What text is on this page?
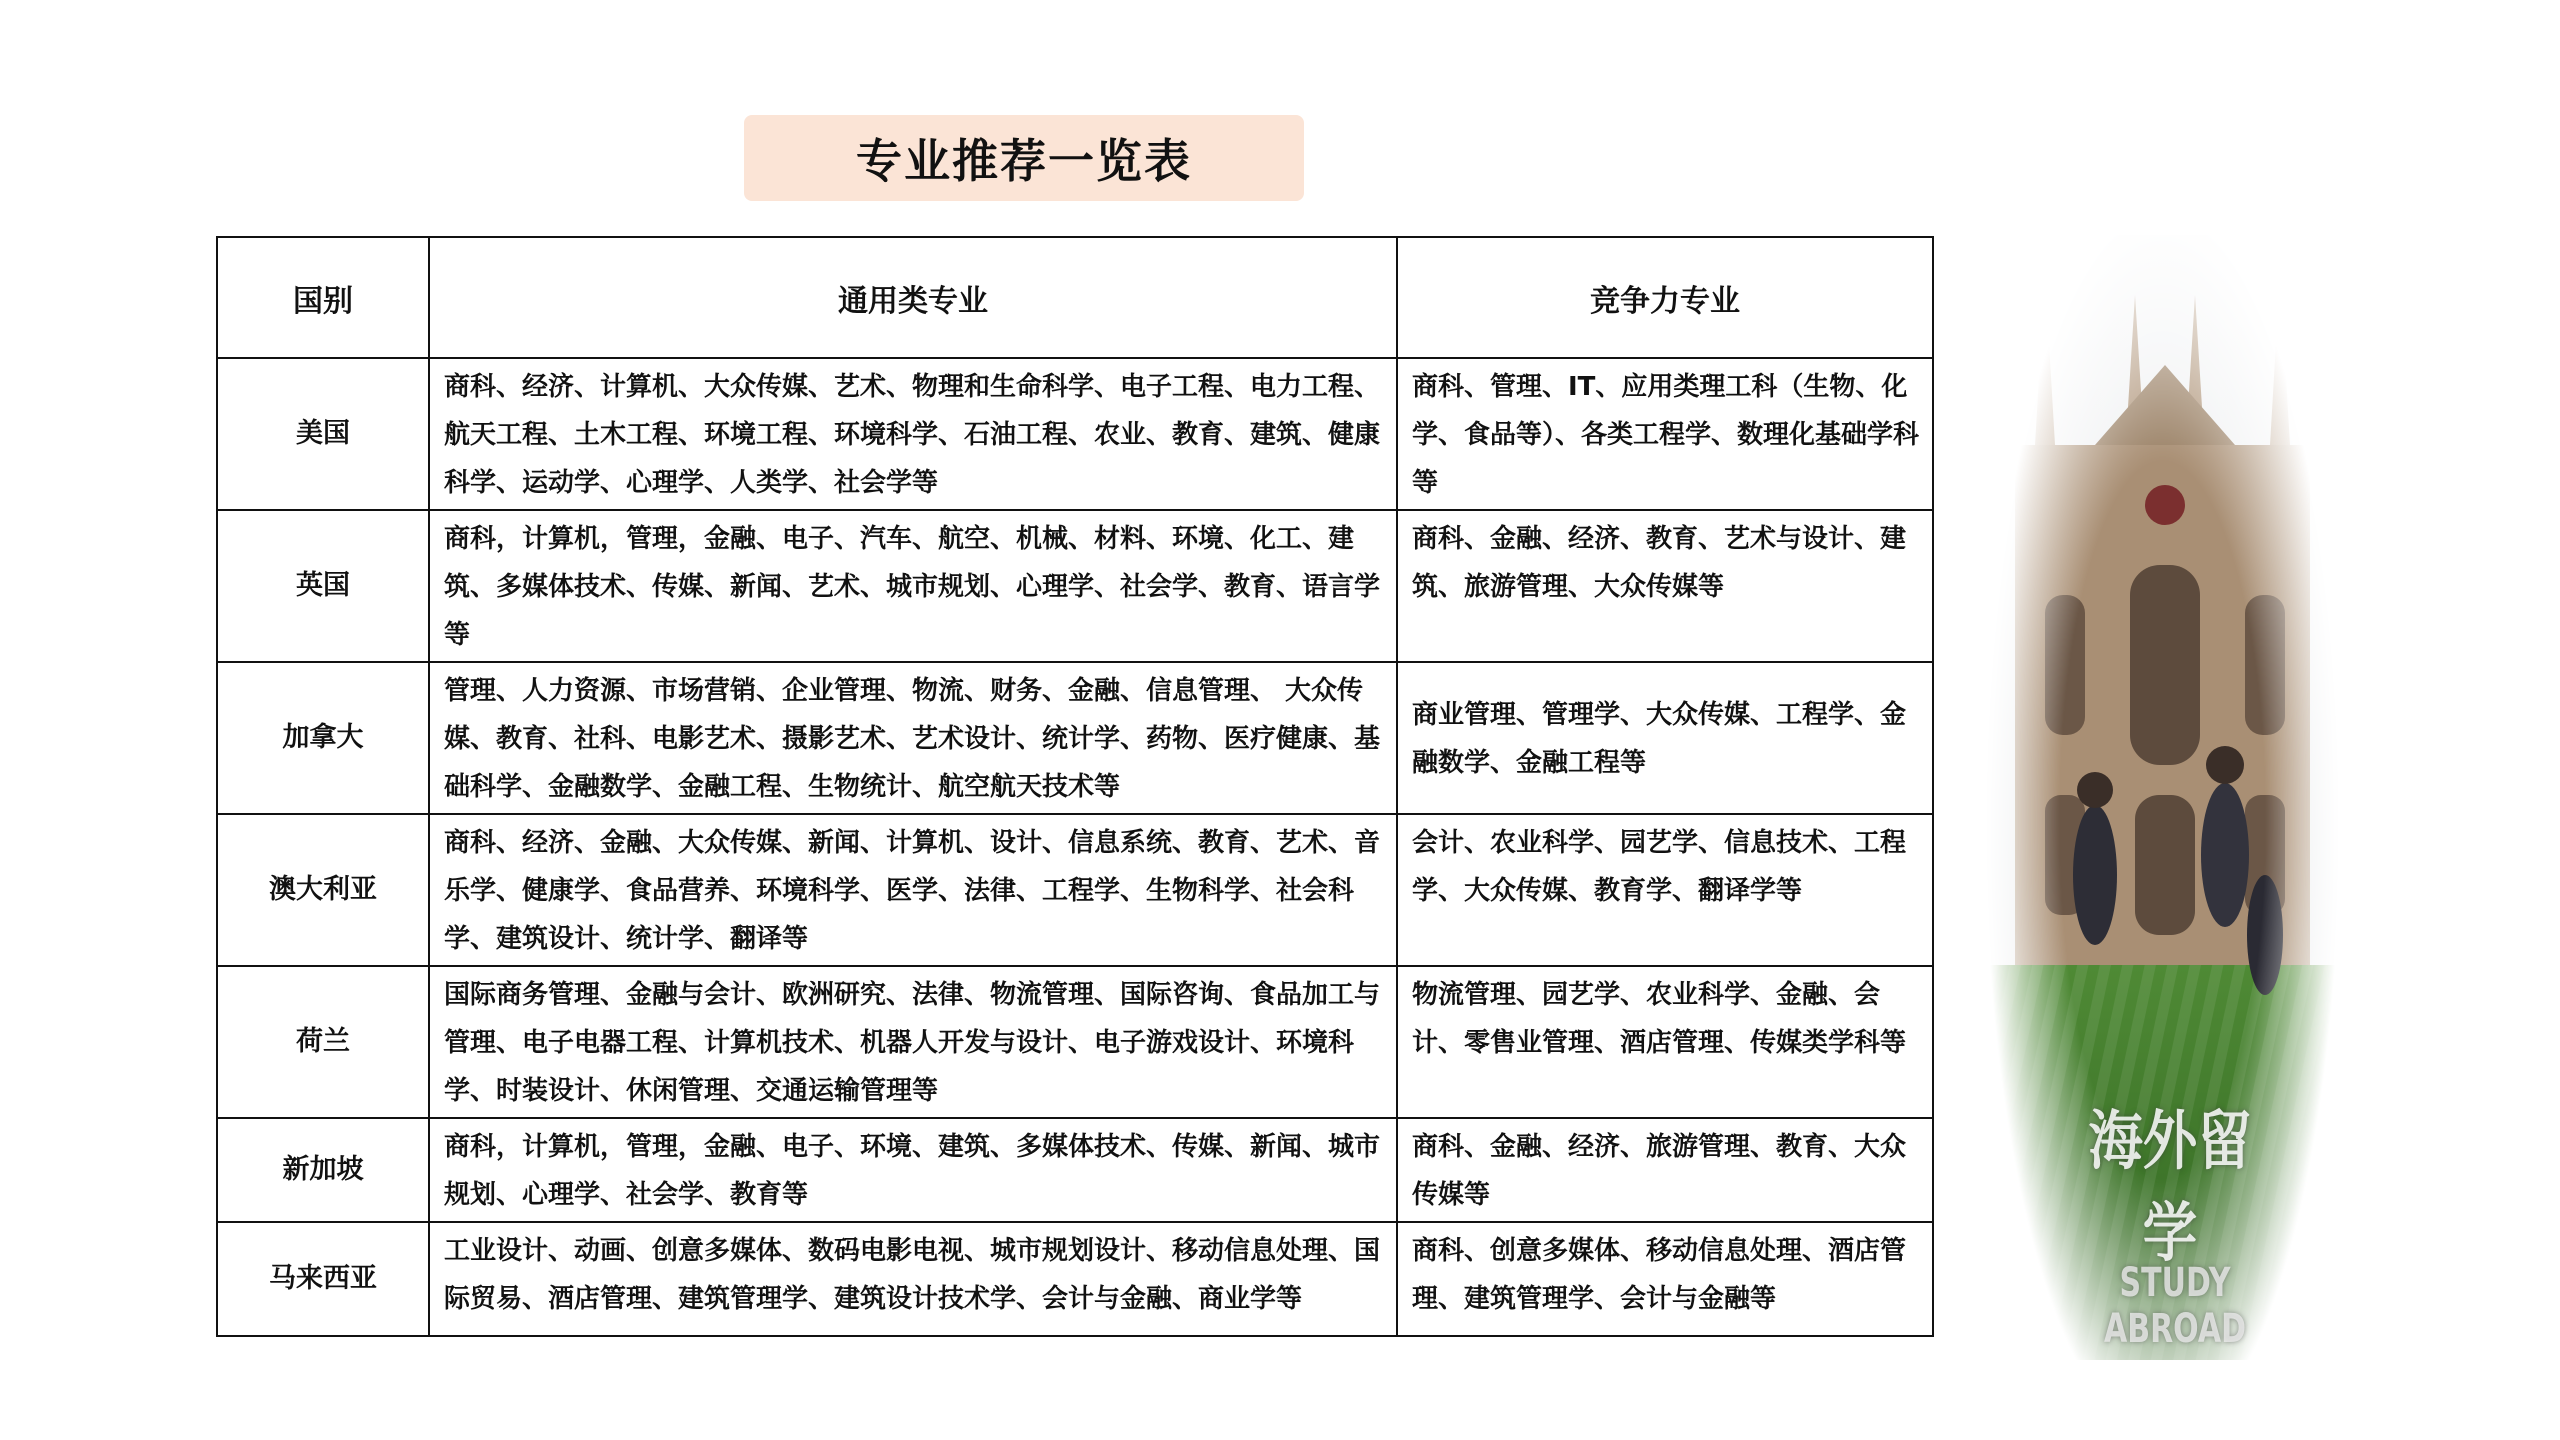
专业推荐一览表
国别	通用类专业	竞争力专业
美国	商科、经济、计算机、大众传媒、艺术、物理和生命科学、电子工程、电力工程、航天工程、土木工程、环境工程、环境科学、石油工程、农业、教育、建筑、健康科学、运动学、心理学、人类学、社会学等	商科、管理、IT、应用类理工科（生物、化学、食品等）、各类工程学、数理化基础学科等
英国	商科，计算机，管理，金融、电子、汽车、航空、机械、材料、环境、化工、建筑、多媒体技术、传媒、新闻、艺术、城市规划、心理学、社会学、教育、语言学等	商科、金融、经济、教育、艺术与设计、建筑、旅游管理、大众传媒等
加拿大	管理、人力资源、市场营销、企业管理、物流、财务、金融、信息管理、 大众传媒、教育、社科、电影艺术、摄影艺术、艺术设计、统计学、药物、医疗健康、基础科学、金融数学、金融工程、生物统计、航空航天技术等	商业管理、管理学、大众传媒、工程学、金融数学、金融工程等
澳大利亚	商科、经济、金融、大众传媒、新闻、计算机、设计、信息系统、教育、艺术、音乐学、健康学、食品营养、环境科学、医学、法律、工程学、生物科学、社会科学、建筑设计、统计学、翻译等	会计、农业科学、园艺学、信息技术、工程学、大众传媒、教育学、翻译学等
荷兰	国际商务管理、金融与会计、欧洲研究、法律、物流管理、国际咨询、食品加工与管理、电子电器工程、计算机技术、机器人开发与设计、电子游戏设计、环境科学、时装设计、休闲管理、交通运输管理等	物流管理、园艺学、农业科学、金融、会计、零售业管理、酒店管理、传媒类学科等
新加坡	商科，计算机，管理，金融、电子、环境、建筑、多媒体技术、传媒、新闻、城市规划、心理学、社会学、教育等	商科、金融、经济、旅游管理、教育、大众传媒等
马来西亚	工业设计、动画、创意多媒体、数码电影电视、城市规划设计、移动信息处理、国际贸易、酒店管理、建筑管理学、建筑设计技术学、会计与金融、商业学等	商科、创意多媒体、移动信息处理、酒店管理、建筑管理学、会计与金融等
海外留学
STUDY ABROAD
